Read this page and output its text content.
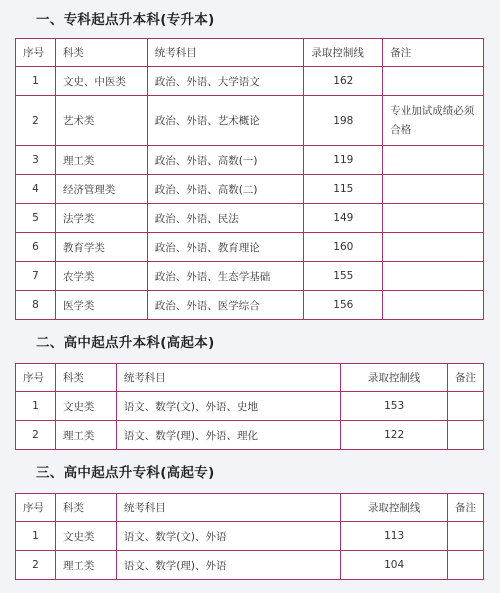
一、专科起点升本科(专升本)
序号	科类	统考科目	录取控制线	备注
1	文史、中医类	政治、外语、大学语文	162	
2	艺术类	政治、外语、艺术概论	198	专业加试成绩必须合格
3	理工类	政治、外语、高数(一)	119	
4	经济管理类	政治、外语、高数(二)	115	
5	法学类	政治、外语、民法	149	
6	教育学类	政治、外语、教育理论	160	
7	农学类	政治、外语、生态学基础	155	
8	医学类	政治、外语、医学综合	156	
二、高中起点升本科(高起本)
序号	科类	统考科目	录取控制线	备注
1	文史类	语文、数学(文)、外语、史地	153	
2	理工类	语文、数学(理)、外语、理化	122	
三、高中起点升专科(高起专)
序号	科类	统考科目	录取控制线	备注
1	文史类	语文、数学(文)、外语	113	
2	理工类	语文、数学(理)、外语	104	
